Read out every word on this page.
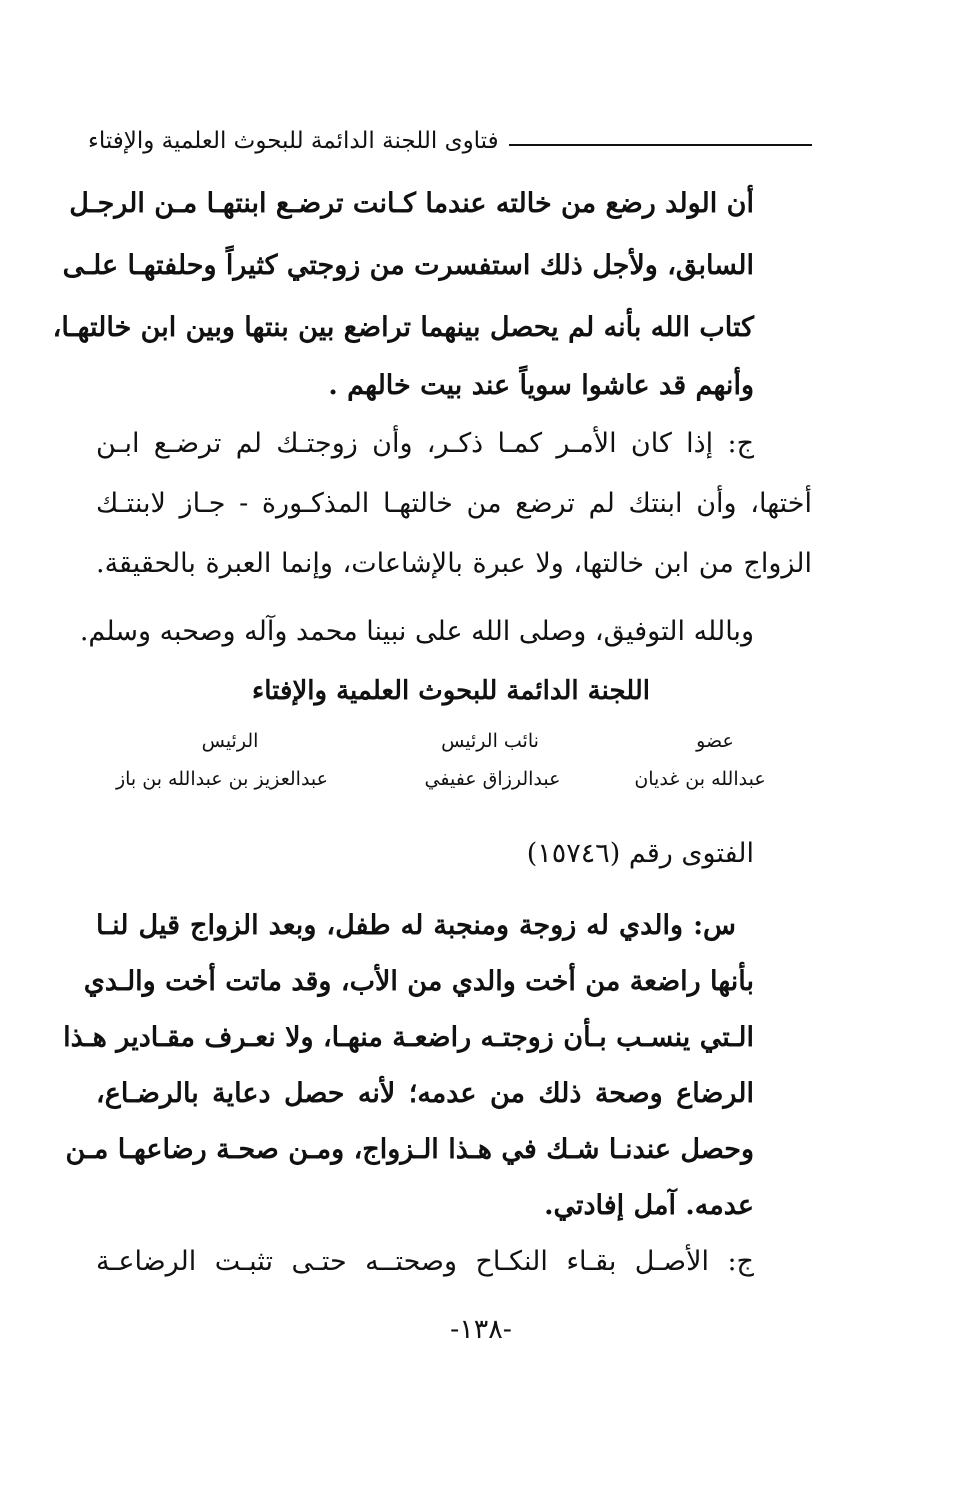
فتاوى اللجنة الدائمة للبحوث العلمية والإفتاء
أن الولد رضع من خالته عندما كـانت ترضـع ابنتهـا مـن الرجـل
السابق، ولأجل ذلك استفسرت من زوجتي كثيراً وحلفتهـا علـى
كتاب الله بأنه لم يحصل بينهما تراضع بين بنتها وبين ابن خالتهـا،
وأنهم قد عاشوا سوياً عند بيت خالهم .
ج: إذا كان الأمـر كمـا ذكـر، وأن زوجتـك لم ترضـع ابـن
أختها، وأن ابنتك لم ترضع من خالتهـا المذكـورة - جـاز لابنتـك
الزواج من ابن خالتها، ولا عبرة بالإشاعات، وإنما العبرة بالحقيقة.
وبالله التوفيق، وصلى الله على نبينا محمد وآله وصحبه وسلم.
اللجنة الدائمة للبحوث العلمية والإفتاء
عضو
نائب الرئيس
الرئيس
عبدالله بن غديان
عبدالرزاق عفيفي
عبدالعزيز بن عبدالله بن باز
الفتوى رقم (١٥٧٤٦)
س: والدي له زوجة ومنجبة له طفل، وبعد الزواج قيل لنـا
بأنها راضعة من أخت والدي من الأب، وقد ماتت أخت والـدي
الـتي ينسـب بـأن زوجتـه راضعـة منهـا، ولا نعـرف مقـادير هـذا
الرضاع وصحة ذلك من عدمه؛ لأنه حصل دعاية بالرضـاع،
وحصل عندنـا شـك في هـذا الـزواج، ومـن صحـة رضاعهـا مـن
عدمه. آمل إفادتي.
ج: الأصـل بقـاء النكـاح وصحتــه حتـى تثبـت الرضاعـة
-١٣٨-
